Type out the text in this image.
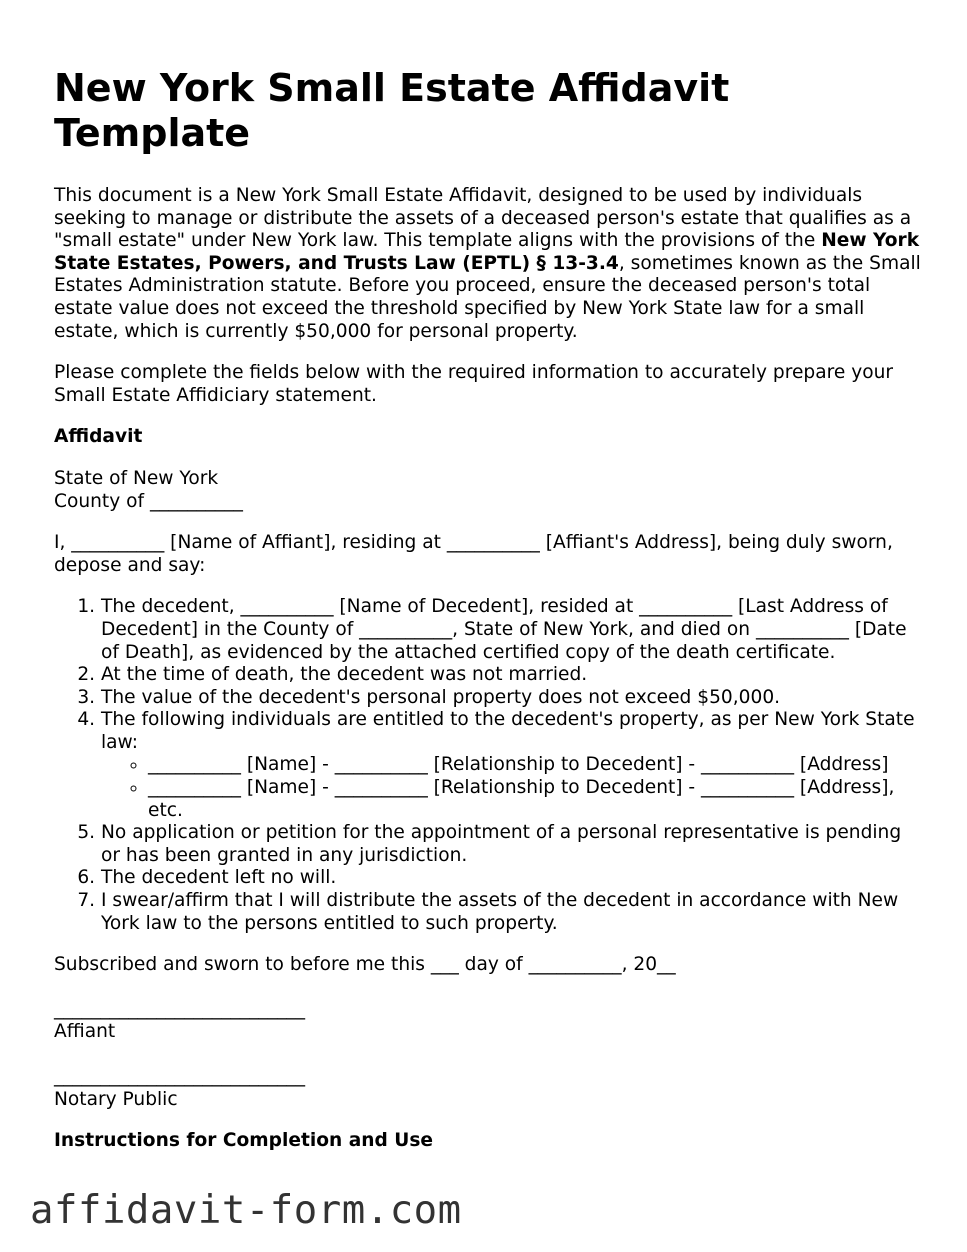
New York Small Estate Affidavit Template

This document is a New York Small Estate Affidavit, designed to be used by individuals seeking to manage or distribute the assets of a deceased person's estate that qualifies as a "small estate" under New York law. This template aligns with the provisions of the New York State Estates, Powers, and Trusts Law (EPTL) § 13-3.4, sometimes known as the Small Estates Administration statute. Before you proceed, ensure the deceased person's total estate value does not exceed the threshold specified by New York State law for a small estate, which is currently $50,000 for personal property.

Please complete the fields below with the required information to accurately prepare your Small Estate Affidiciary statement.

Affidavit

State of New York
County of __________

I, __________ [Name of Affiant], residing at __________ [Affiant's Address], being duly sworn, depose and say:

1. The decedent, __________ [Name of Decedent], resided at __________ [Last Address of Decedent] in the County of __________, State of New York, and died on __________ [Date of Death], as evidenced by the attached certified copy of the death certificate.
2. At the time of death, the decedent was not married.
3. The value of the decedent's personal property does not exceed $50,000.
4. The following individuals are entitled to the decedent's property, as per New York State law:
◦ __________ [Name] - __________ [Relationship to Decedent] - __________ [Address]
◦ __________ [Name] - __________ [Relationship to Decedent] - __________ [Address], etc.
5. No application or petition for the appointment of a personal representative is pending or has been granted in any jurisdiction.
6. The decedent left no will.
7. I swear/affirm that I will distribute the assets of the decedent in accordance with New York law to the persons entitled to such property.

Subscribed and sworn to before me this ___ day of __________, 20__

___________________________
Affiant
___________________________
Notary Public
Instructions for Completion and Use
affidavit-form.com
